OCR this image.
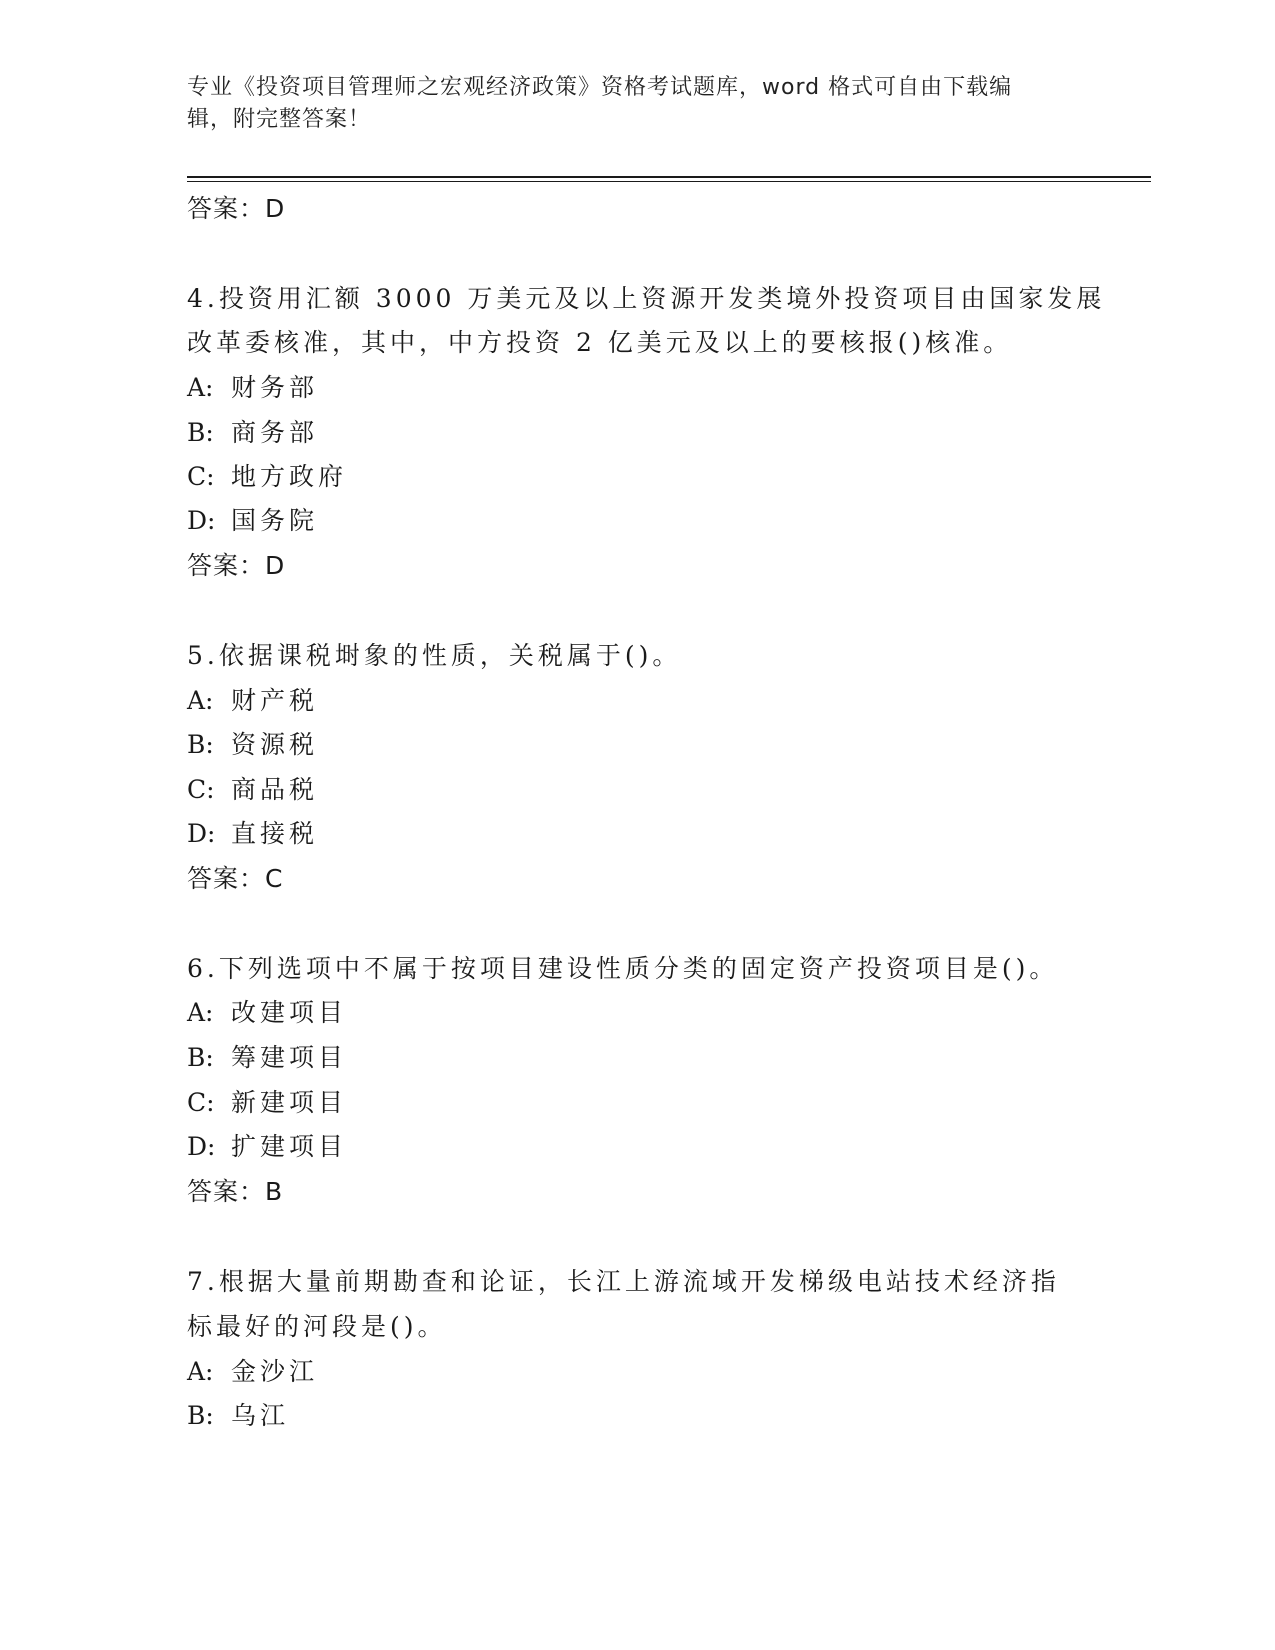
专业《投资项目管理师之宏观经济政策》资格考试题库，word 格式可自由下载编
辑，附完整答案！
答案：D
4.投资用汇额 3000 万美元及以上资源开发类境外投资项目由国家发展
改革委核准，其中，中方投资 2 亿美元及以上的要核报()核准。
A: 财务部
B: 商务部
C: 地方政府
D: 国务院
答案：D
5.依据课税埘象的性质，关税属于()。
A: 财产税
B: 资源税
C: 商品税
D: 直接税
答案：C
6.下列选项中不属于按项目建设性质分类的固定资产投资项目是()。
A: 改建项目
B: 筹建项目
C: 新建项目
D: 扩建项目
答案：B
7.根据大量前期勘查和论证，长江上游流域开发梯级电站技术经济指
标最好的河段是()。
A: 金沙江
B: 乌江
